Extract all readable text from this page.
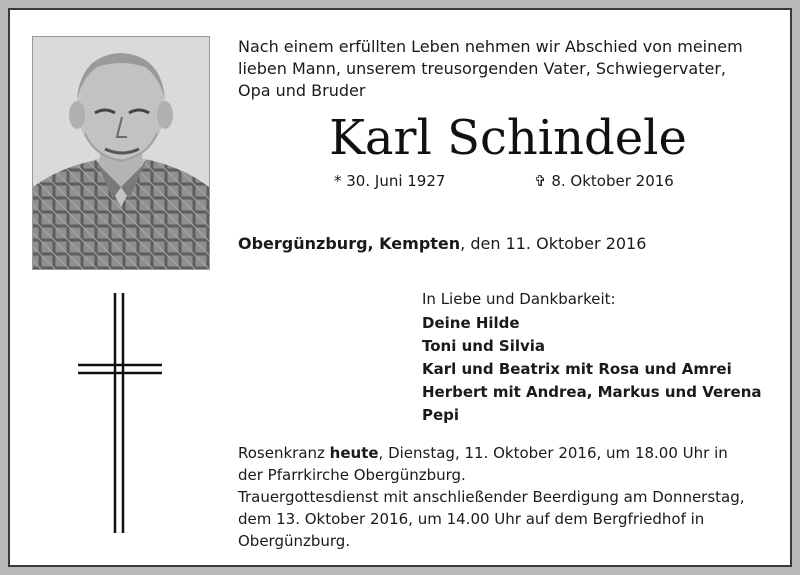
Nach einem erfüllten Leben nehmen wir Abschied von meinem
lieben Mann, unserem treusorgenden Vater, Schwiegervater,
Opa und Bruder
Karl Schindele
* 30. Juni 1927	✞ 8. Oktober 2016
Obergünzburg, Kempten, den 11. Oktober 2016
In Liebe und Dankbarkeit:
Deine Hilde
Toni und Silvia
Karl und Beatrix mit Rosa und Amrei
Herbert mit Andrea, Markus und Verena
Pepi
Rosenkranz heute, Dienstag, 11. Oktober 2016, um 18.00 Uhr in
der Pfarrkirche Obergünzburg.
Trauergottesdienst mit anschließender Beerdigung am Donnerstag,
dem 13. Oktober 2016, um 14.00 Uhr auf dem Bergfriedhof in
Obergünzburg.
